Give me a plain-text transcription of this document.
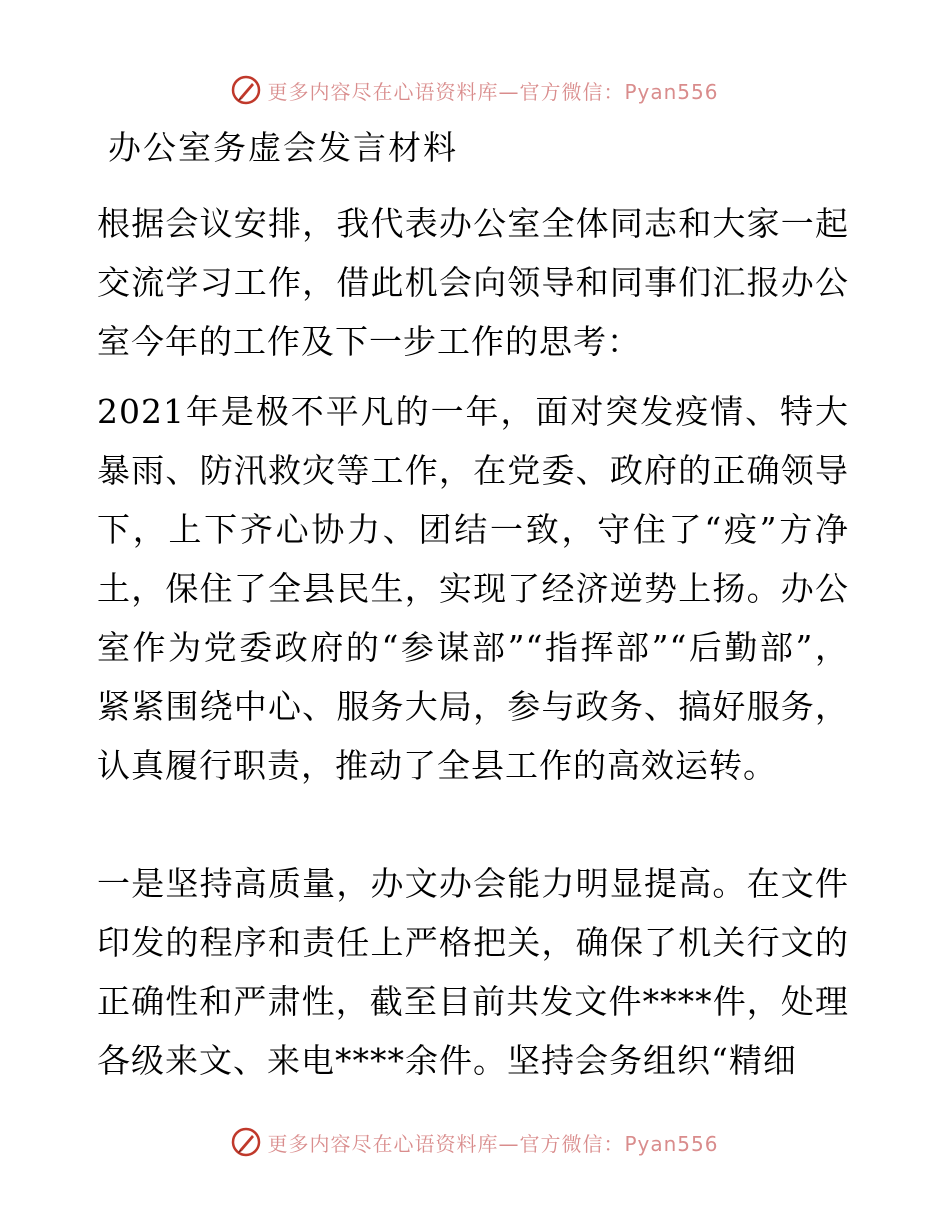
更多内容尽在心语资料库—官方微信：Pyan556
办公室务虚会发言材料

根据会议安排，我代表办公室全体同志和大家一起交流学习工作，借此机会向领导和同事们汇报办公室今年的工作及下一步工作的思考：

2021年是极不平凡的一年，面对突发疫情、特大暴雨、防汛救灾等工作，在党委、政府的正确领导下，上下齐心协力、团结一致，守住了“疫”方净土，保住了全县民生，实现了经济逆势上扬。办公室作为党委政府的“参谋部”“指挥部”“后勤部”，紧紧围绕中心、服务大局，参与政务、搞好服务，认真履行职责，推动了全县工作的高效运转。

一是坚持高质量，办文办会能力明显提高。在文件印发的程序和责任上严格把关，确保了机关行文的正确性和严肃性，截至目前共发文件****件，处理各级来文、来电****余件。坚持会务组织“精细

更多内容尽在心语资料库—官方微信：Pyan556
